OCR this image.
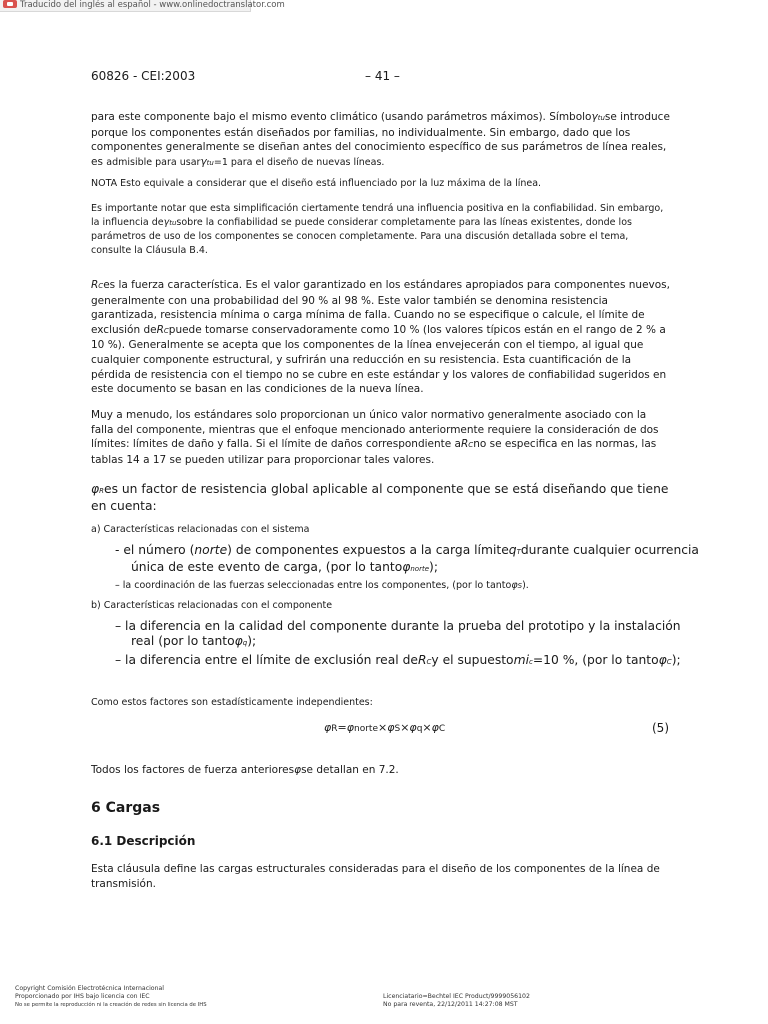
Traducido del inglés al español - www.onlinedoctranslator.com
60826 - CEI:2003	– 41 –

para este componente bajo el mismo evento climático (usando parámetros máximos). Símboloγtuse introduce porque los componentes están diseñados por familias, no individualmente. Sin embargo, dado que los componentes generalmente se diseñan antes del conocimiento específico de sus parámetros de línea reales, es admisible para usarγtu=1 para el diseño de nuevas líneas.

NOTA Esto equivale a considerar que el diseño está influenciado por la luz máxima de la línea.

Es importante notar que esta simplificación ciertamente tendrá una influencia positiva en la confiabilidad. Sin embargo, la influencia deγtusobre la confiabilidad se puede considerar completamente para las líneas existentes, donde los parámetros de uso de los componentes se conocen completamente. Para una discusión detallada sobre el tema, consulte la Cláusula B.4.

RCes la fuerza característica. Es el valor garantizado en los estándares apropiados para componentes nuevos, generalmente con una probabilidad del 90 % al 98 %. Este valor también se denomina resistencia garantizada, resistencia mínima o carga mínima de falla. Cuando no se especifique o calcule, el límite de exclusión deRCpuede tomarse conservadoramente como 10 % (los valores típicos están en el rango de 2 % a 10 %). Generalmente se acepta que los componentes de la línea envejecerán con el tiempo, al igual que cualquier componente estructural, y sufrirán una reducción en su resistencia. Esta cuantificación de la pérdida de resistencia con el tiempo no se cubre en este estándar y los valores de confiabilidad sugeridos en este documento se basan en las condiciones de la nueva línea.

Muy a menudo, los estándares solo proporcionan un único valor normativo generalmente asociado con la falla del componente, mientras que el enfoque mencionado anteriormente requiere la consideración de dos límites: límites de daño y falla. Si el límite de daños correspondiente aRCno se especifica en las normas, las tablas 14 a 17 se pueden utilizar para proporcionar tales valores.

φRes un factor de resistencia global aplicable al componente que se está diseñando que tiene en cuenta:

a) Características relacionadas con el sistema

- el número (norte) de componentes expuestos a la carga límiteqTdurante cualquier ocurrencia única de este evento de carga, (por lo tantoφnorte);

– la coordinación de las fuerzas seleccionadas entre los componentes, (por lo tantoφS).

b) Características relacionadas con el componente

– la diferencia en la calidad del componente durante la prueba del prototipo y la instalación real (por lo tantoφq);

– la diferencia entre el límite de exclusión real deRCy el supuestomic=10 %, (por lo tantoφC);

Como estos factores son estadísticamente independientes:

φR=φnorte×φS×φq×φC	(5)

Todos los factores de fuerza anterioresφse detallan en 7.2.

6 Cargas
6.1 Descripción

Esta cláusula define las cargas estructurales consideradas para el diseño de los componentes de la línea de transmisión.

Copyright Comisión Electrotécnica Internacional
Proporcionado por IHS bajo licencia con IEC
No se permite la reproducción ni la creación de redes sin licencia de IHS
Licenciatario=Bechtel IEC Product/9999056102
No para reventa, 22/12/2011 14:27:08 MST
